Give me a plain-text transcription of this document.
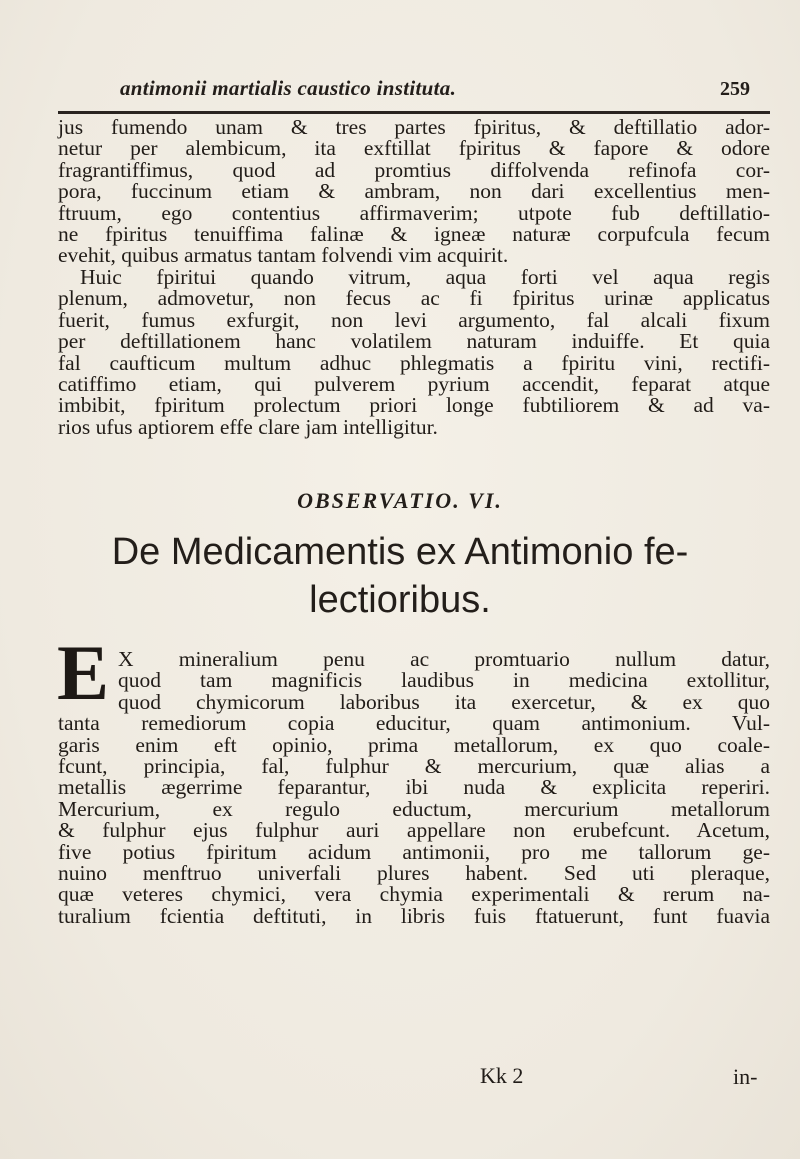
antimonii martialis caustico instituta.	259
jus fumendo unam & tres partes fpiritus, & deftillatio ador-
netur per alembicum, ita exftillat fpiritus & fapore & odore
fragrantiffimus, quod ad promtius diffolvenda refinofa cor-
pora, fuccinum etiam & ambram, non dari excellentius men-
ftruum, ego contentius affirmaverim; utpote fub deftillatio-
ne fpiritus tenuiffima falinæ & igneæ naturæ corpufcula fecum
evehit, quibus armatus tantam folvendi vim acquirit.
Huic fpiritui quando vitrum, aqua forti vel aqua regis
plenum, admovetur, non fecus ac fi fpiritus urinæ applicatus
fuerit, fumus exfurgit, non levi argumento, fal alcali fixum
per deftillationem hanc volatilem naturam induiffe. Et quia
fal caufticum multum adhuc phlegmatis a fpiritu vini, rectifi-
catiffimo etiam, qui pulverem pyrium accendit, feparat atque
imbibit, fpiritum prolectum priori longe fubtiliorem & ad va-
rios ufus aptiorem effe clare jam intelligitur.
OBSERVATIO. VI.
De Medicamentis ex Antimonio fe-
lectioribus.
E X mineralium penu ac promtuario nullum datur,
quod tam magnificis laudibus in medicina extollitur,
quod chymicorum laboribus ita exercetur, & ex quo
tanta remediorum copia educitur, quam antimonium. Vul-
garis enim eft opinio, prima metallorum, ex quo coale-
fcunt, principia, fal, fulphur & mercurium, quæ alias a
metallis ægerrime feparantur, ibi nuda & explicita reperiri.
Mercurium, ex regulo eductum, mercurium metallorum
& fulphur ejus fulphur auri appellare non erubefcunt. Acetum,
five potius fpiritum acidum antimonii, pro me tallorum ge-
nuino menftruo univerfali plures habent. Sed uti pleraque,
quæ veteres chymici, vera chymia experimentali & rerum na-
turalium fcientia deftituti, in libris fuis ftatuerunt, funt fuavia
Kk 2	in-
